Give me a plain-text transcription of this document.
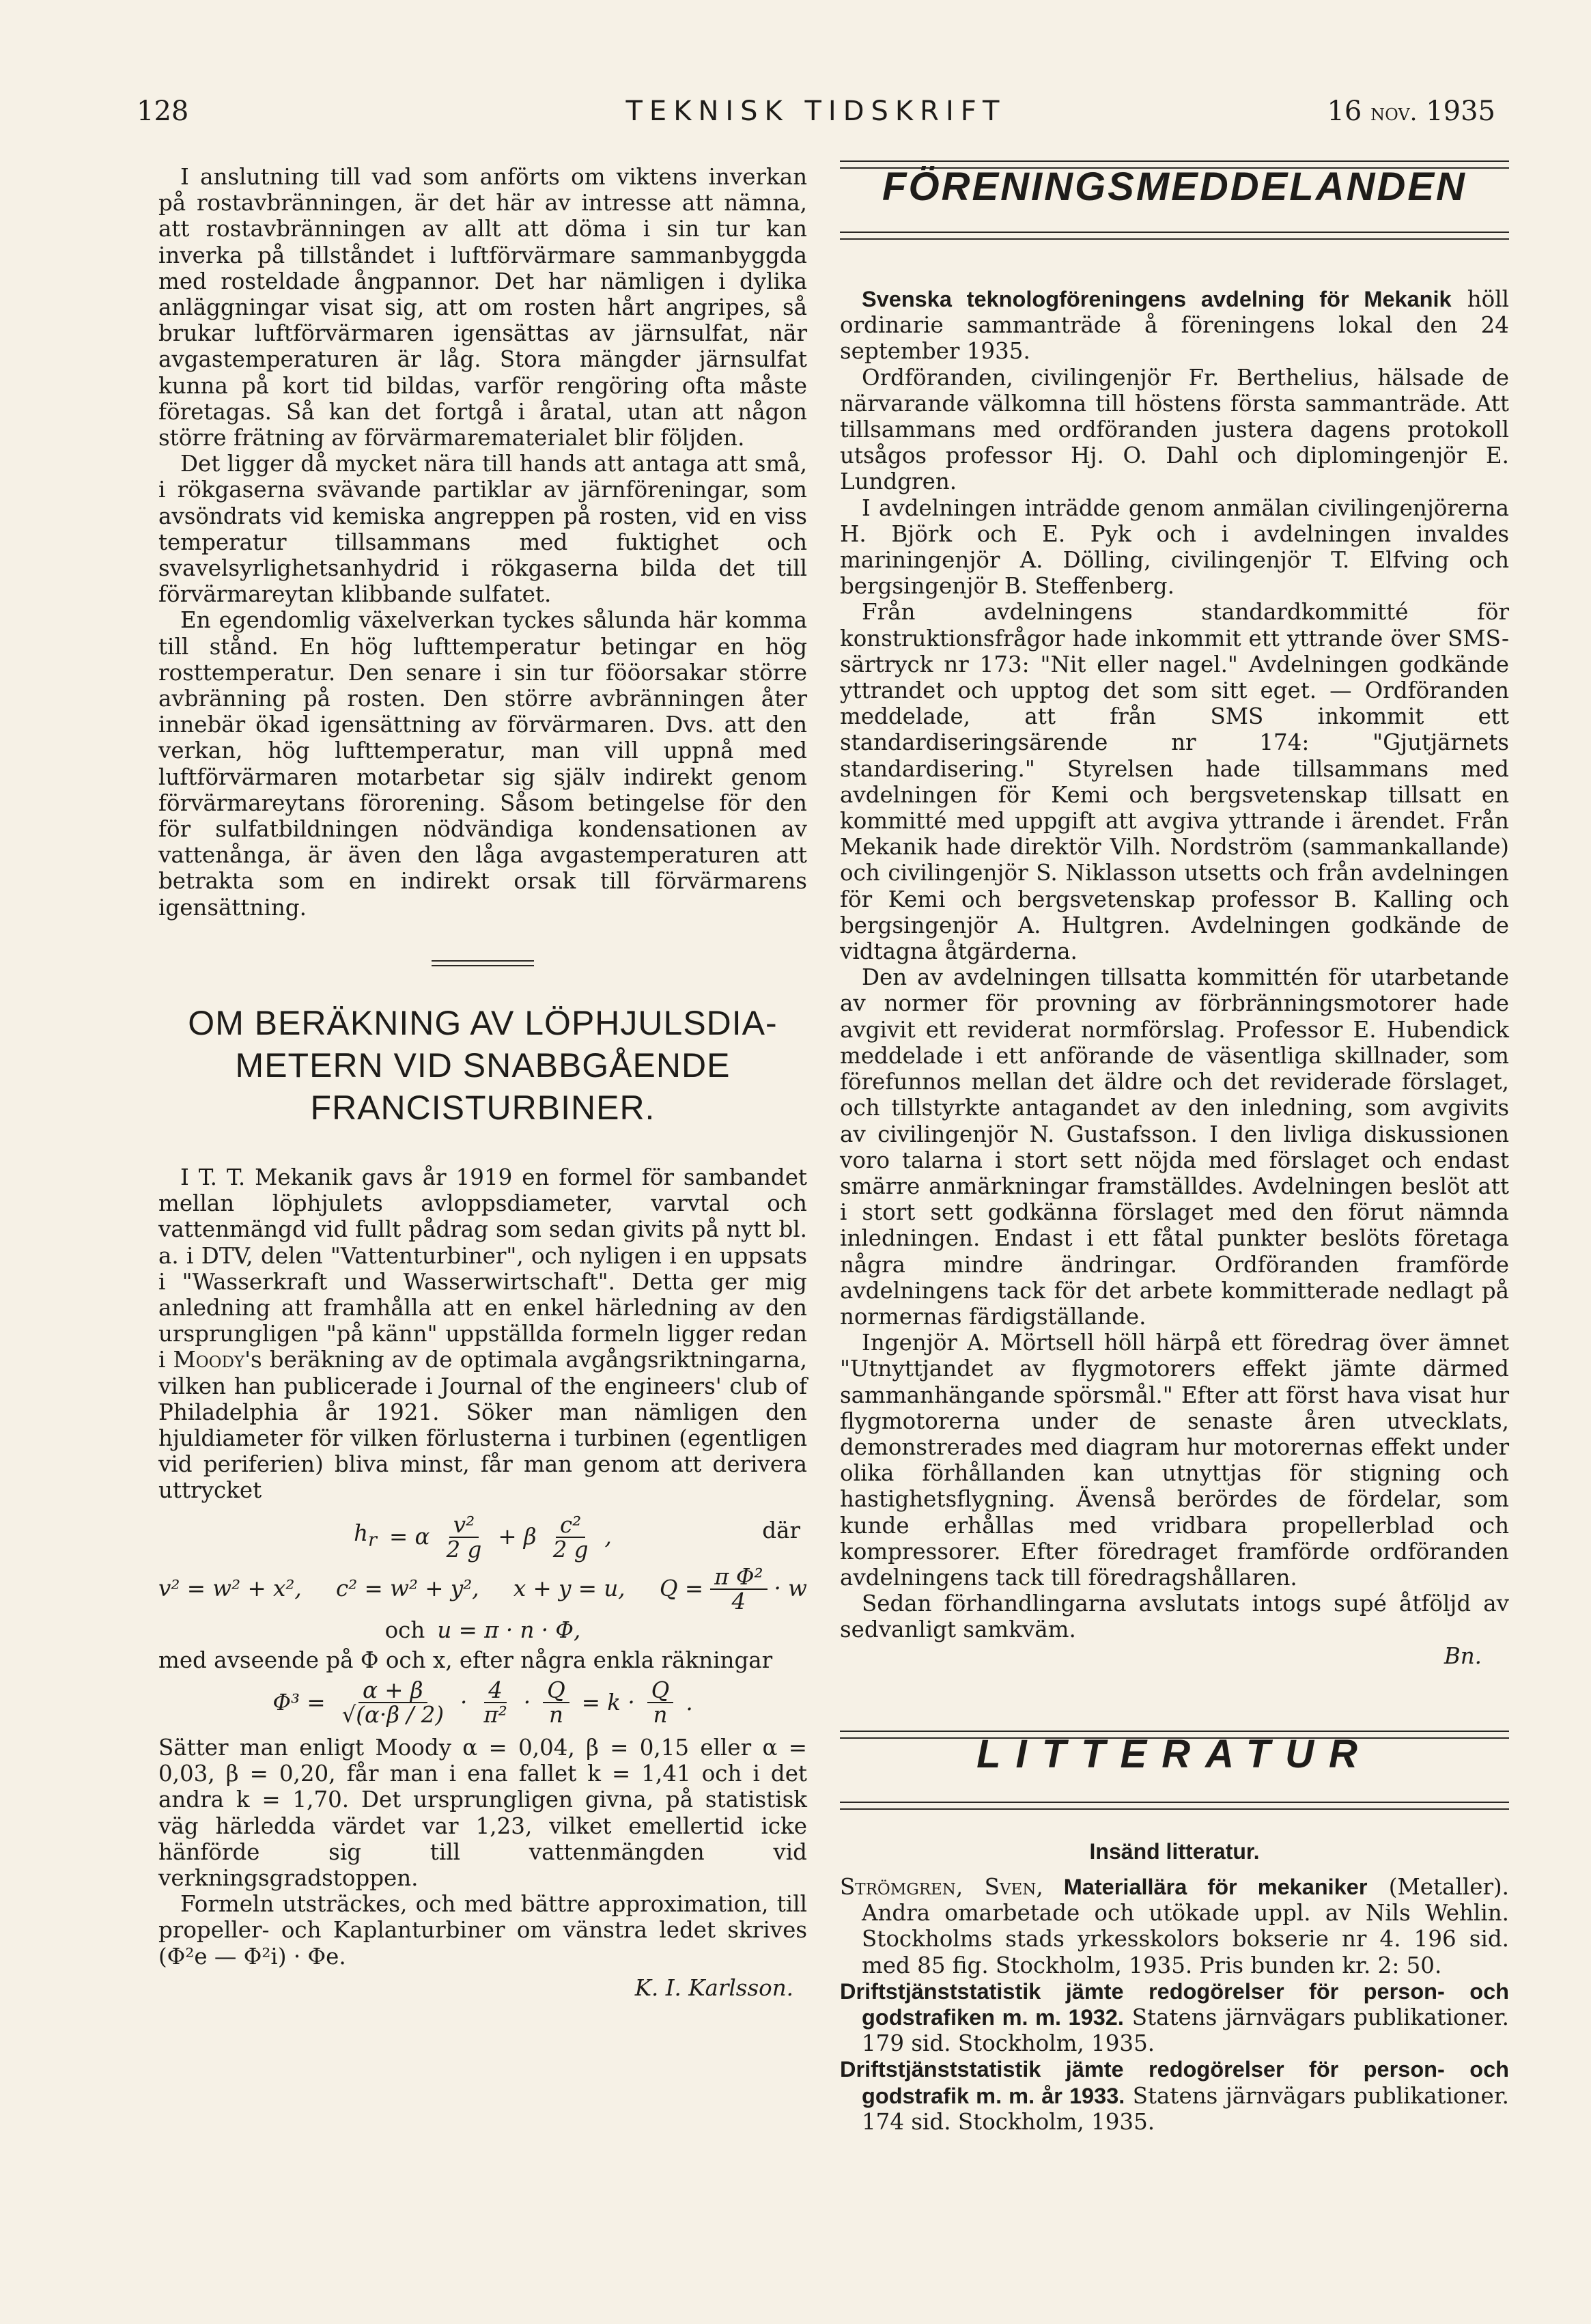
128	TEKNISK TIDSKRIFT	16 nov. 1935

I anslutning till vad som anförts om viktens inverkan på rostavbränningen, är det här av intresse att nämna, att rostavbränningen av allt att döma i sin tur kan inverka på tillståndet i luftförvärmare sammanbyggda med rosteldade ångpannor. Det har nämligen i dylika anläggningar visat sig, att om rosten hårt angripes, så brukar luftförvärmaren igensättas av järnsulfat, när avgastemperaturen är låg. Stora mängder järnsulfat kunna på kort tid bildas, varför rengöring ofta måste företagas. Så kan det fortgå i åratal, utan att någon större frätning av förvärmarematerialet blir följden.

Det ligger då mycket nära till hands att antaga att små, i rökgaserna svävande partiklar av järnföreningar, som avsöndrats vid kemiska angreppen på rosten, vid en viss temperatur tillsammans med fuktighet och svavelsyrlighetsanhydrid i rökgaserna bilda det till förvärmareytan klibbande sulfatet.

En egendomlig växelverkan tyckes sålunda här komma till stånd. En hög lufttemperatur betingar en hög rosttemperatur. Den senare i sin tur fööorsakar större avbränning på rosten. Den större avbränningen åter innebär ökad igensättning av förvärmaren. Dvs. att den verkan, hög lufttemperatur, man vill uppnå med luftförvärmaren motarbetar sig själv indirekt genom förvärmareytans förorening. Såsom betingelse för den för sulfatbildningen nödvändiga kondensationen av vattenånga, är även den låga avgastemperaturen att betrakta som en indirekt orsak till förvärmarens igensättning.

OM BERÄKNING AV LÖPHJULSDIA-
METERN VID SNABBGÅENDE
FRANCISTURBINER.

I T. T. Mekanik gavs år 1919 en formel för sambandet mellan löphjulets avloppsdiameter, varvtal och vattenmängd vid fullt pådrag som sedan givits på nytt bl. a. i DTV, delen "Vattenturbiner", och nyligen i en uppsats i "Wasserkraft und Wasserwirtschaft". Detta ger mig anledning att framhålla att en enkel härledning av den ursprungligen "på känn" uppställda formeln ligger redan i Moody's beräkning av de optimala avgångsriktningarna, vilken han publicerade i Journal of the engineers' club of Philadelphia år 1921. Söker man nämligen den hjuldiameter för vilken förlusterna i turbinen (egentligen vid periferien) bliva minst, får man genom att derivera uttrycket

$h_r = \alpha \frac{\text{v²}}{2 g} + \beta \frac{\text{c²}}{2 g}$ ,	där
v² = w² + x², c² = w² + y², x + y = u, $Q = \frac{\text{π Φ²}}{4} \cdot w$
och u = π · n · Φ,

med avseende på Φ och x, efter några enkla räkningar

$\Phi^3 = \frac{\alpha + \beta}{√(\alpha\cdot\beta / 2)} \cdot \frac{4}{\text{π²}} \cdot \frac{Q}{n} = k \cdot \frac{Q}{n}$ .

Sätter man enligt Moody α = 0,04, β = 0,15 eller α = 0,03, β = 0,20, får man i ena fallet k = 1,41 och i det andra k = 1,70. Det ursprungligen givna, på statistisk väg härledda värdet var 1,23, vilket emellertid icke hänförde sig till vattenmängden vid verkningsgradstoppen.

Formeln utsträckes, och med bättre approximation, till propeller- och Kaplanturbiner om vänstra ledet skrives (Φ²e — Φ²i) · Φe.

K. I. Karlsson.
FÖRENINGSMEDDELANDEN

Svenska teknologföreningens avdelning för Mekanik höll ordinarie sammanträde å föreningens lokal den 24 september 1935.

Ordföranden, civilingenjör Fr. Berthelius, hälsade de närvarande välkomna till höstens första sammanträde. Att tillsammans med ordföranden justera dagens protokoll utsågos professor Hj. O. Dahl och diplomingenjör E. Lundgren.

I avdelningen inträdde genom anmälan civilingenjörerna H. Björk och E. Pyk och i avdelningen invaldes mariningenjör A. Dölling, civilingenjör T. Elfving och bergsingenjör B. Steffenberg.

Från avdelningens standardkommitté för konstruktionsfrågor hade inkommit ett yttrande över SMS-särtryck nr 173: "Nit eller nagel." Avdelningen godkände yttrandet och upptog det som sitt eget. — Ordföranden meddelade, att från SMS inkommit ett standardiseringsärende nr 174: "Gjutjärnets standardisering." Styrelsen hade tillsammans med avdelningen för Kemi och bergsvetenskap tillsatt en kommitté med uppgift att avgiva yttrande i ärendet. Från Mekanik hade direktör Vilh. Nordström (sammankallande) och civilingenjör S. Niklasson utsetts och från avdelningen för Kemi och bergsvetenskap professor B. Kalling och bergsingenjör A. Hultgren. Avdelningen godkände de vidtagna åtgärderna.

Den av avdelningen tillsatta kommittén för utarbetande av normer för provning av förbränningsmotorer hade avgivit ett reviderat normförslag. Professor E. Hubendick meddelade i ett anförande de väsentliga skillnader, som förefunnos mellan det äldre och det reviderade förslaget, och tillstyrkte antagandet av den inledning, som avgivits av civilingenjör N. Gustafsson. I den livliga diskussionen voro talarna i stort sett nöjda med förslaget och endast smärre anmärkningar framställdes. Avdelningen beslöt att i stort sett godkänna förslaget med den förut nämnda inledningen. Endast i ett fåtal punkter beslöts företaga några mindre ändringar. Ordföranden framförde avdelningens tack för det arbete kommitterade nedlagt på normernas färdigställande.

Ingenjör A. Mörtsell höll härpå ett föredrag över ämnet "Utnyttjandet av flygmotorers effekt jämte därmed sammanhängande spörsmål." Efter att först hava visat hur flygmotorerna under de senaste åren utvecklats, demonstrerades med diagram hur motorernas effekt under olika förhållanden kan utnyttjas för stigning och hastighetsflygning. Ävenså berördes de fördelar, som kunde erhållas med vridbara propellerblad och kompressorer. Efter föredraget framförde ordföranden avdelningens tack till föredragshållaren.

Sedan förhandlingarna avslutats intogs supé åtföljd av sedvanligt samkväm.

Bn.
LITTERATUR
Insänd litteratur.

Strömgren, Sven, Materiallära för mekaniker (Metaller). Andra omarbetade och utökade uppl. av Nils Wehlin. Stockholms stads yrkesskolors bokserie nr 4. 196 sid. med 85 fig. Stockholm, 1935. Pris bunden kr. 2: 50.

Driftstjänststatistik jämte redogörelser för person- och godstrafiken m. m. 1932. Statens järnvägars publikationer. 179 sid. Stockholm, 1935.

Driftstjänststatistik jämte redogörelser för person- och godstrafik m. m. år 1933. Statens järnvägars publikationer. 174 sid. Stockholm, 1935.
